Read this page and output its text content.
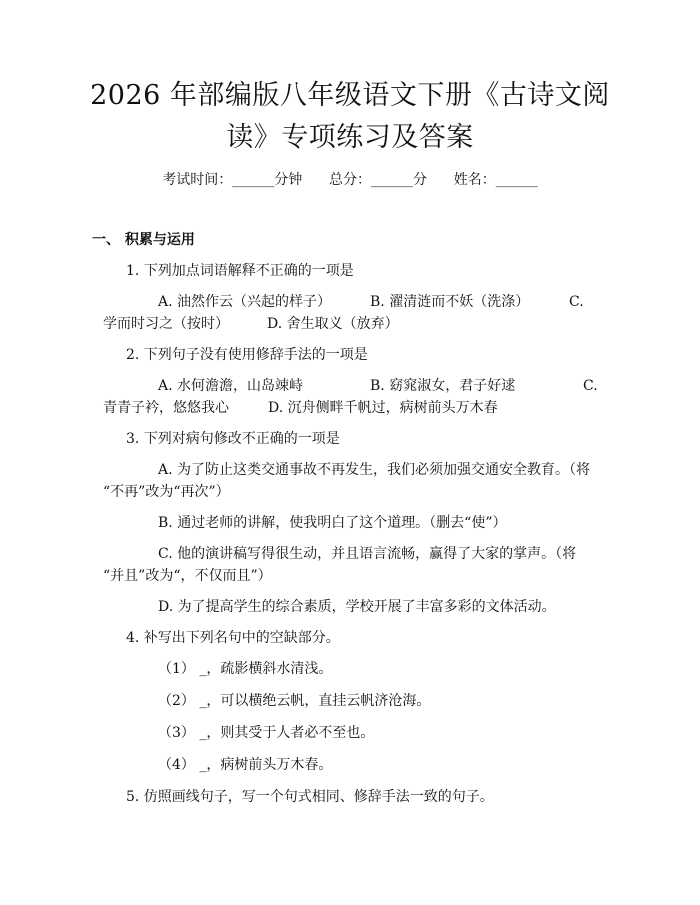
2026 年部编版八年级语文下册《古诗文阅
读》专项练习及答案
考试时间：______分钟      总分：______分      姓名：______
一、 积累与运用
1. 下列加点词语解释不正确的一项是
A. 油然作云（兴起的样子）	B. 濯清涟而不妖（洗涤）	C.
学而时习之（按时）	D. 舍生取义（放弃）
2. 下列句子没有使用修辞手法的一项是
A. 水何澹澹，山岛竦峙	B. 窈窕淑女，君子好逑	C.
青青子衿，悠悠我心	D. 沉舟侧畔千帆过，病树前头万木春
3. 下列对病句修改不正确的一项是
A. 为了防止这类交通事故不再发生，我们必须加强交通安全教育。（将
“不再”改为“再次”）
B. 通过老师的讲解，使我明白了这个道理。（删去“使”）
C. 他的演讲稿写得很生动，并且语言流畅，赢得了大家的掌声。（将
“并且”改为“，不仅而且”）
D. 为了提高学生的综合素质，学校开展了丰富多彩的文体活动。
4. 补写出下列名句中的空缺部分。
（1） _，疏影横斜水清浅。
（2） _，可以横绝云帆，直挂云帆济沧海。
（3） _，则其受于人者必不至也。
（4） _，病树前头万木春。
5. 仿照画线句子，写一个句式相同、修辞手法一致的句子。
